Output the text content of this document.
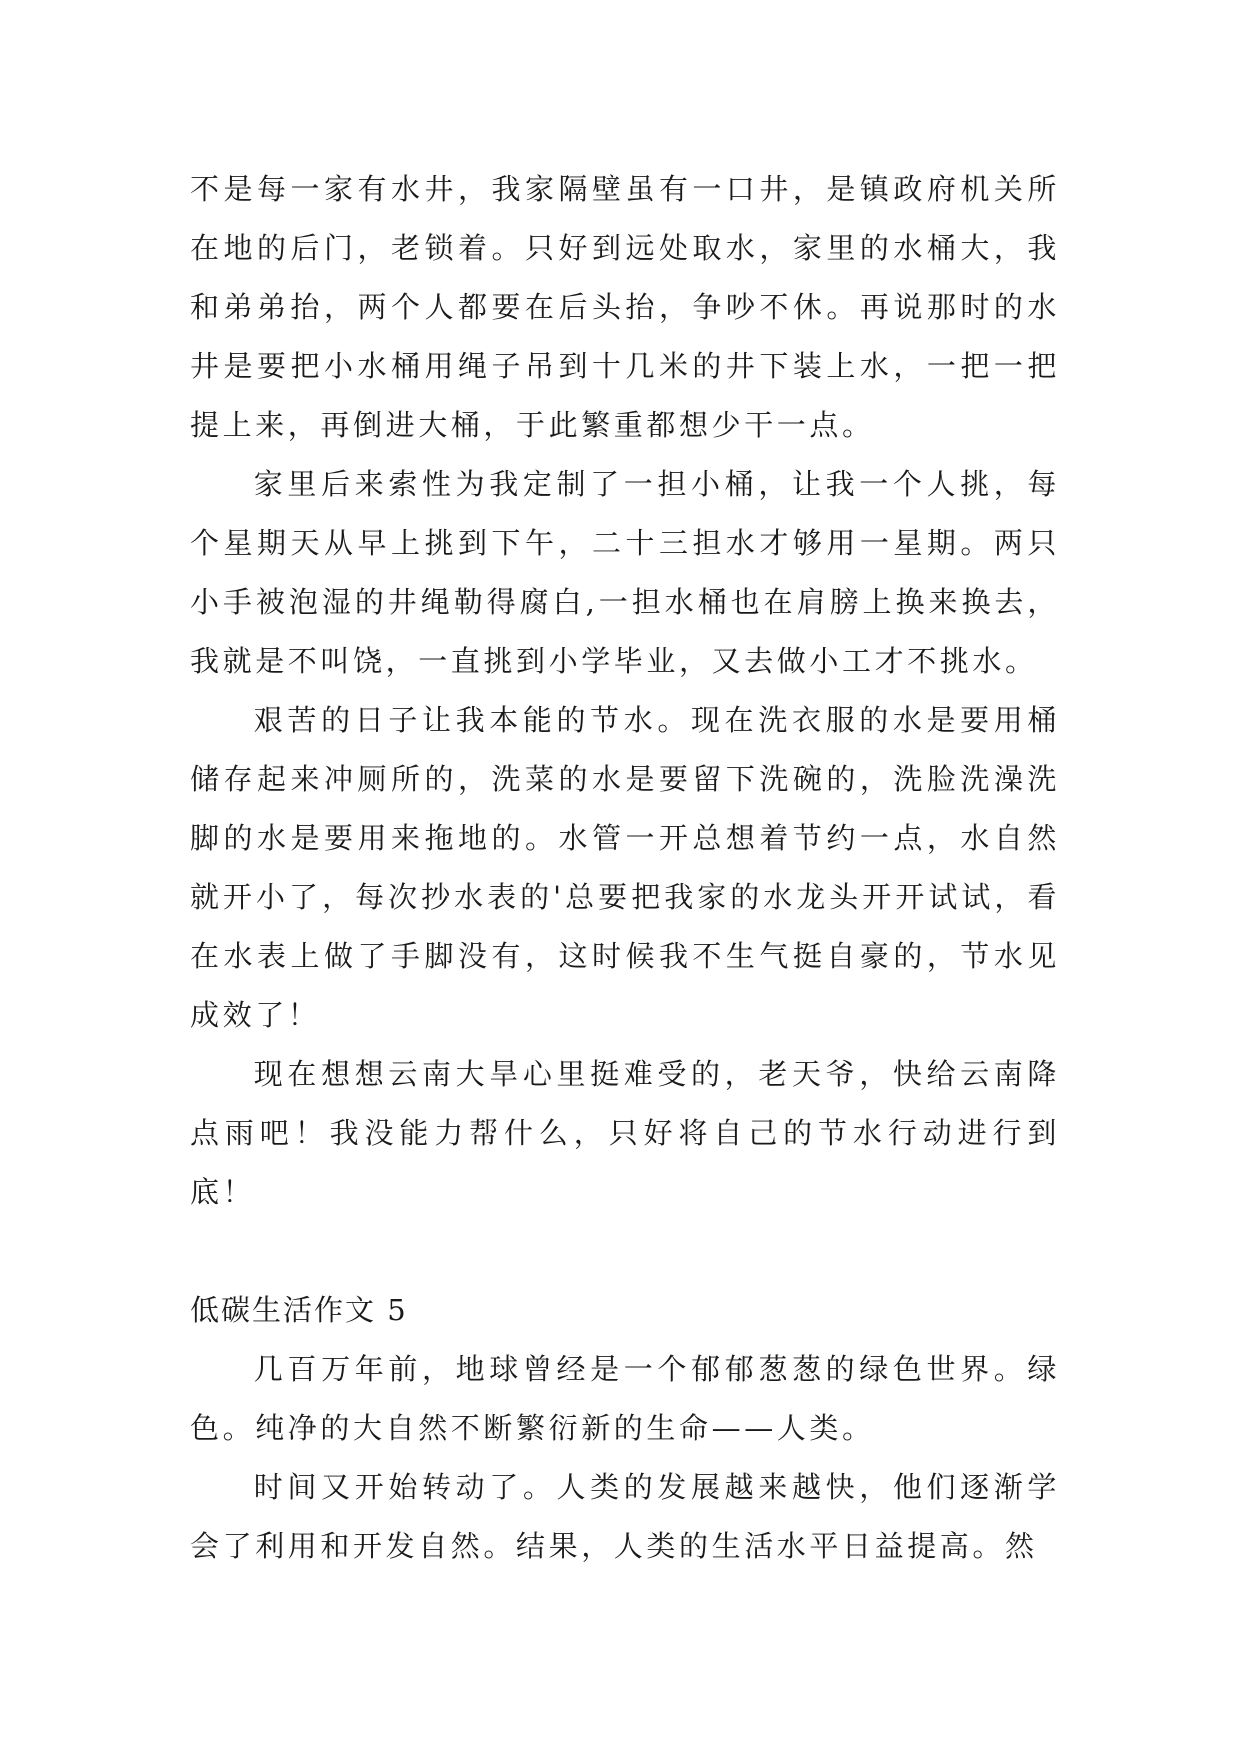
不是每一家有水井，我家隔壁虽有一口井，是镇政府机关所在地的后门，老锁着。只好到远处取水，家里的水桶大，我和弟弟抬，两个人都要在后头抬，争吵不休。再说那时的水井是要把小水桶用绳子吊到十几米的井下装上水，一把一把提上来，再倒进大桶，于此繁重都想少干一点。

家里后来索性为我定制了一担小桶，让我一个人挑，每个星期天从早上挑到下午，二十三担水才够用一星期。两只小手被泡湿的井绳勒得腐白,一担水桶也在肩膀上换来换去，我就是不叫饶，一直挑到小学毕业，又去做小工才不挑水。

艰苦的日子让我本能的节水。现在洗衣服的水是要用桶储存起来冲厕所的，洗菜的水是要留下洗碗的，洗脸洗澡洗脚的水是要用来拖地的。水管一开总想着节约一点，水自然就开小了，每次抄水表的'总要把我家的水龙头开开试试，看在水表上做了手脚没有，这时候我不生气挺自豪的，节水见成效了！

现在想想云南大旱心里挺难受的，老天爷，快给云南降点雨吧！我没能力帮什么，只好将自己的节水行动进行到底！

低碳生活作文 5

几百万年前，地球曾经是一个郁郁葱葱的绿色世界。绿色。纯净的大自然不断繁衍新的生命——人类。

时间又开始转动了。人类的发展越来越快，他们逐渐学会了利用和开发自然。结果，人类的生活水平日益提高。然
